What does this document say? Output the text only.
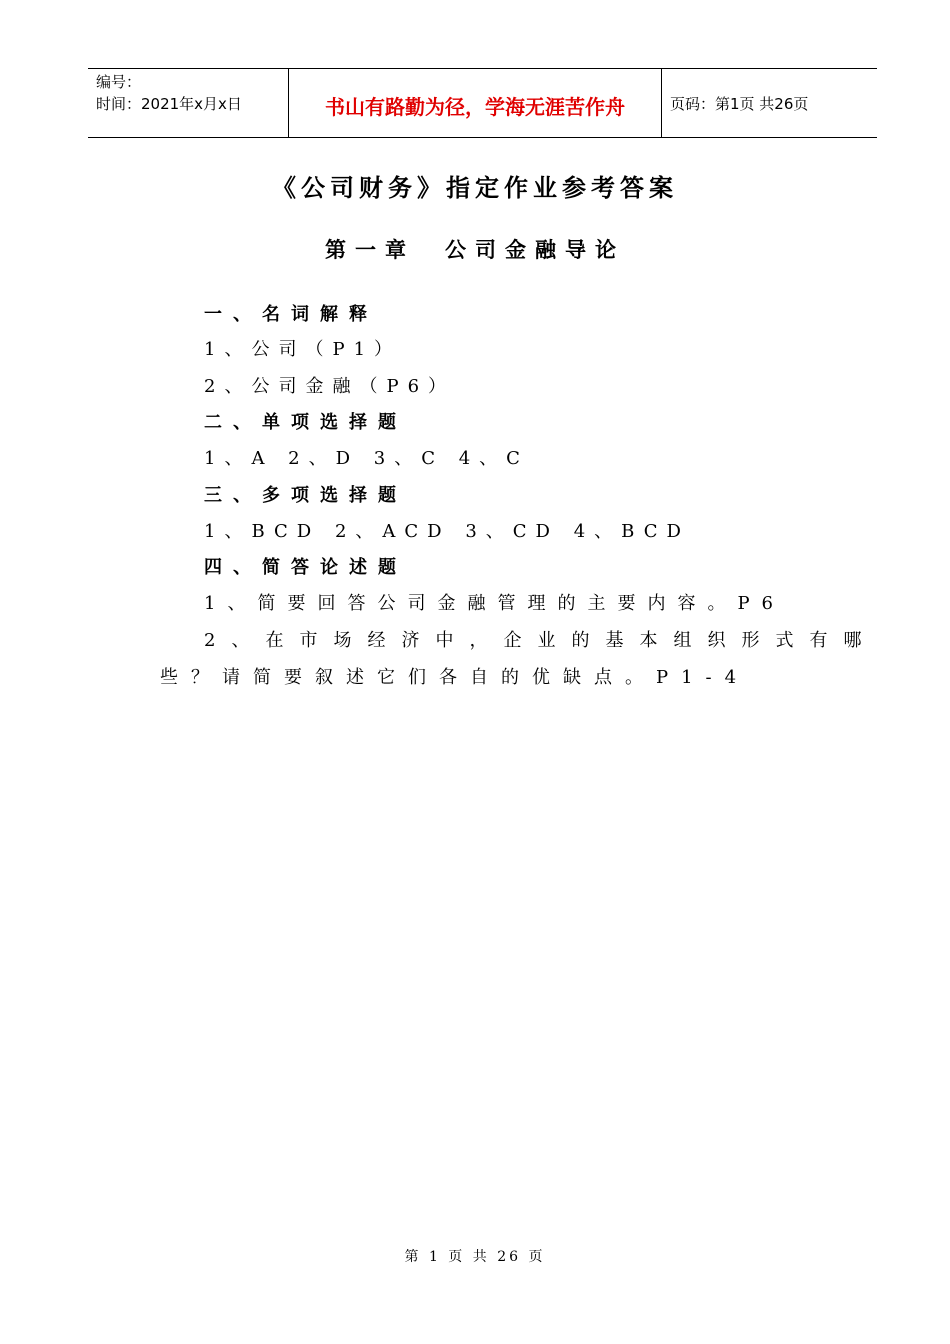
编号：
时间：2021年x月x日	书山有路勤为径，学海无涯苦作舟	页码：第1页 共26页
《公司财务》指定作业参考答案
第一章 公司金融导论
一、名词解释
1、公司（P1）
2、公司金融（P6）
二、单项选择题
1、A 2、D 3、C 4、C
三、多项选择题
1、BCD 2、ACD 3、CD 4、BCD
四、简答论述题
1、简要回答公司金融管理的主要内容。P6
2、在市场经济中，企业的基本组织形式有哪
些？请简要叙述它们各自的优缺点。P1-4
第 1 页 共 26 页
